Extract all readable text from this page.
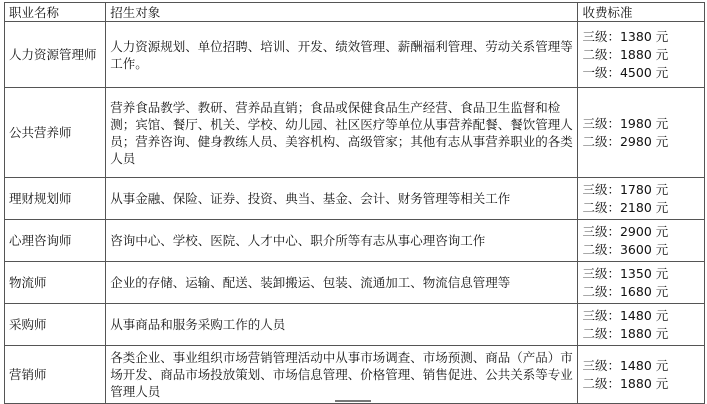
职业名称	招生对象	收费标准
人力资源管理师	人力资源规划、单位招聘、培训、开发、绩效管理、薪酬福利管理、劳动关系管理等工作。	三级：1380 元
二级：1880 元
一级：4500 元

公共营养师	营养食品教学、教研、营养品直销；食品或保健食品生产经营、食品卫生监督和检测；宾馆、餐厅、机关、学校、幼儿园、社区医疗等单位从事营养配餐、餐饮管理人员；营养咨询、健身教练人员、美容机构、高级管家；其他有志从事营养职业的各类人员	三级：1980 元
二级：2980 元

理财规划师	从事金融、保险、证券、投资、典当、基金、会计、财务管理等相关工作	三级：1780 元
二级：2180 元

心理咨询师	咨询中心、学校、医院、人才中心、职介所等有志从事心理咨询工作	三级：2900 元
二级：3600 元

物流师	企业的存储、运输、配送、装卸搬运、包装、流通加工、物流信息管理等	三级：1350 元
二级：1680 元

采购师	从事商品和服务采购工作的人员	三级：1480 元
二级：1880 元

营销师	各类企业、事业组织市场营销管理活动中从事市场调查、市场预测、商品（产品）市场开发、商品市场投放策划、市场信息管理、价格管理、销售促进、公共关系等专业管理人员	三级：1480 元
二级：1880 元
